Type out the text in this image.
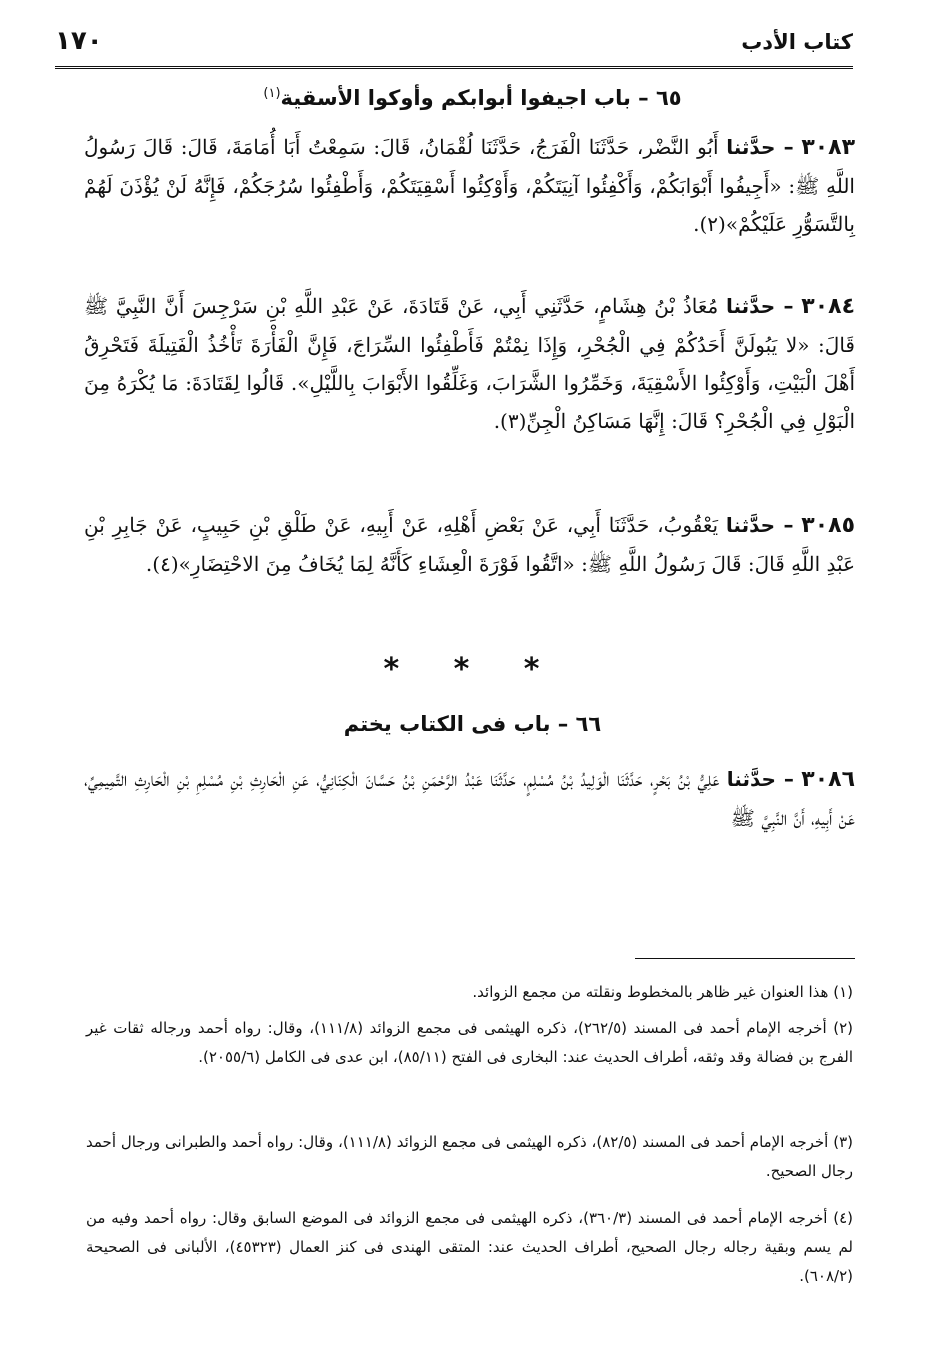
كتاب الأدب
١٧٠
٦٥ – باب اجيفوا أبوابكم وأوكوا الأسقية$^{(١)}$

٣٠٨٣ – حدَّثنا أَبُو النَّضْر، حَدَّثَنَا الْفَرَجُ، حَدَّثَنَا لُقْمَانُ، قَالَ: سَمِعْتُ أَبَا أُمَامَةَ، قَالَ: قَالَ رَسُولُ اللَّهِ ﷺ: «أَجِيفُوا أَبْوَابَكُمْ، وَأَكْفِئُوا آنِيَتَكُمْ، وَأَوْكِئُوا أَسْقِيَتَكُمْ، وَأَطْفِئُوا سُرُجَكُمْ، فَإِنَّهُ لَنْ يُؤْذَنَ لَهُمْ بِالتَّسَوُّرِ عَلَيْكُمْ»(٢).

٣٠٨٤ – حدَّثنا مُعَاذُ بْنُ هِشَامٍ، حَدَّثَنِي أَبِي، عَنْ قَتَادَةَ، عَنْ عَبْدِ اللَّهِ بْنِ سَرْجِسَ أَنَّ النَّبِيَّ ﷺ قَالَ: «لا يَبُولَنَّ أَحَدُكُمْ فِي الْجُحْرِ، وَإِذَا نِمْتُمْ فَأَطْفِئُوا السِّرَاجَ، فَإِنَّ الْفَأْرَةَ تَأْخُذُ الْفَتِيلَةَ فَتَحْرِقُ أَهْلَ الْبَيْتِ، وَأَوْكِئُوا الأَسْقِيَةَ، وَخَمِّرُوا الشَّرَابَ، وَغَلِّقُوا الأَبْوَابَ بِاللَّيْلِ». قَالُوا لِقَتَادَةَ: مَا يُكْرَهُ مِنَ الْبَوْلِ فِي الْجُحْرِ؟ قَالَ: إِنَّهَا مَسَاكِنُ الْجِنِّ(٣).

٣٠٨٥ – حدَّثنا يَعْقُوبُ، حَدَّثَنَا أَبِي، عَنْ بَعْضِ أَهْلِهِ، عَنْ أَبِيهِ، عَنْ طَلْقِ بْنِ حَبِيبٍ، عَنْ جَابِرِ بْنِ عَبْدِ اللَّهِ قَالَ: قَالَ رَسُولُ اللَّهِ ﷺ: «اتَّقُوا فَوْرَةَ الْعِشَاءِ كَأَنَّهُ لِمَا يُخَافُ مِنَ الاحْتِضَارِ»(٤).

* * *
٦٦ – باب فى الكتاب يختم

٣٠٨٦ – حدَّثنا عَلِيُّ بْنُ بَحْرٍ، حَدَّثَنَا الْوَلِيدُ بْنُ مُسْلِمٍ، حَدَّثَنَا عَبْدُ الرَّحْمَنِ بْنُ حَسَّانَ الْكِنَانِيُّ، عَنِ الْحَارِثِ بْنِ مُسْلِمِ بْنِ الْحَارِثِ التَّمِيمِيِّ، عَنْ أَبِيهِ، أَنَّ النَّبِيَّ ﷺ

(١) هذا العنوان غير ظاهر بالمخطوط ونقلته من مجمع الزوائد.

(٢) أخرجه الإمام أحمد فى المسند (٢٦٢/٥)، ذكره الهيثمى فى مجمع الزوائد (١١١/٨)، وقال: رواه أحمد ورجاله ثقات غير الفرج بن فضالة وقد وثقه، أطراف الحديث عند: البخارى فى الفتح (٨٥/١١)، ابن عدى فى الكامل (٢٠٥٥/٦).

(٣) أخرجه الإمام أحمد فى المسند (٨٢/٥)، ذكره الهيثمى فى مجمع الزوائد (١١١/٨)، وقال: رواه أحمد والطبرانى ورجال أحمد رجال الصحيح.

(٤) أخرجه الإمام أحمد فى المسند (٣٦٠/٣)، ذكره الهيثمى فى مجمع الزوائد فى الموضع السابق وقال: رواه أحمد وفيه من لم يسم وبقية رجاله رجال الصحيح، أطراف الحديث عند: المتقى الهندى فى كنز العمال (٤٥٣٢٣)، الألبانى فى الصحيحة (٦٠٨/٢).
